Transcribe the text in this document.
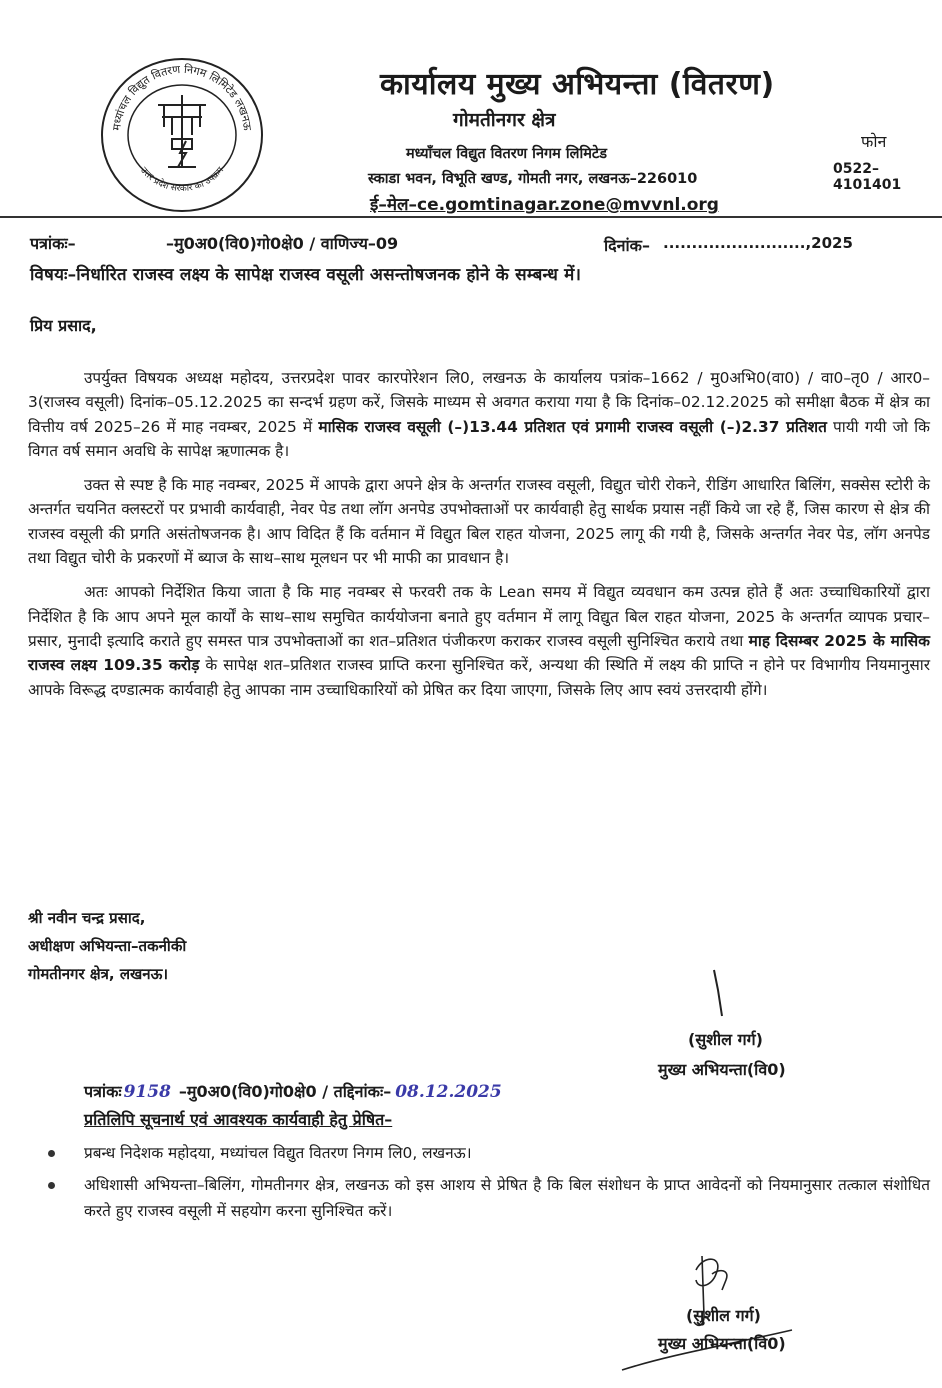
मध्यांचल विद्युत वितरण निगम लिमिटेड लखनऊ
उत्तर प्रदेश सरकार का उपक्रम
कार्यालय मुख्य अभियन्ता (वितरण)
गोमतीनगर क्षेत्र
मध्याँचल विद्युत वितरण निगम लिमिटेड
स्काडा भवन, विभूति खण्ड, गोमती नगर, लखनऊ–226010
ई–मेल–ce.gomtinagar.zone@mvvnl.org
फोन
0522–4101401
पत्रांकः–	–मु0अ0(वि0)गो0क्षे0 / वाणिज्य–09	दिनांक– .........................,2025
विषयः–निर्धारित राजस्व लक्ष्य के सापेक्ष राजस्व वसूली असन्तोषजनक होने के सम्बन्ध में।
प्रिय प्रसाद,

उपर्युक्त विषयक अध्यक्ष महोदय, उत्तरप्रदेश पावर कारपोरेशन लि0, लखनऊ के कार्यालय पत्रांक–1662 / मु0अभि0(वा0) / वा0–तृ0 / आर0–3(राजस्व वसूली) दिनांक–05.12.2025 का सन्दर्भ ग्रहण करें, जिसके माध्यम से अवगत कराया गया है कि दिनांक–02.12.2025 को समीक्षा बैठक में क्षेत्र का वित्तीय वर्ष 2025–26 में माह नवम्बर, 2025 में मासिक राजस्व वसूली (–)13.44 प्रतिशत एवं प्रगामी राजस्व वसूली (–)2.37 प्रतिशत पायी गयी जो कि विगत वर्ष समान अवधि के सापेक्ष ऋणात्मक है।

उक्त से स्पष्ट है कि माह नवम्बर, 2025 में आपके द्वारा अपने क्षेत्र के अन्तर्गत राजस्व वसूली, विद्युत चोरी रोकने, रीडिंग आधारित बिलिंग, सक्सेस स्टोरी के अन्तर्गत चयनित क्लस्टरों पर प्रभावी कार्यवाही, नेवर पेड तथा लॉग अनपेड उपभोक्ताओं पर कार्यवाही हेतु सार्थक प्रयास नहीं किये जा रहे हैं, जिस कारण से क्षेत्र की राजस्व वसूली की प्रगति असंतोषजनक है। आप विदित हैं कि वर्तमान में विद्युत बिल राहत योजना, 2025 लागू की गयी है, जिसके अन्तर्गत नेवर पेड, लॉग अनपेड तथा विद्युत चोरी के प्रकरणों में ब्याज के साथ–साथ मूलधन पर भी माफी का प्रावधान है।

अतः आपको निर्देशित किया जाता है कि माह नवम्बर से फरवरी तक के Lean समय में विद्युत व्यवधान कम उत्पन्न होते हैं अतः उच्चाधिकारियों द्वारा निर्देशित है कि आप अपने मूल कार्यों के साथ–साथ समुचित कार्ययोजना बनाते हुए वर्तमान में लागू विद्युत बिल राहत योजना, 2025 के अन्तर्गत व्यापक प्रचार–प्रसार, मुनादी इत्यादि कराते हुए समस्त पात्र उपभोक्ताओं का शत–प्रतिशत पंजीकरण कराकर राजस्व वसूली सुनिश्चित कराये तथा माह दिसम्बर 2025 के मासिक राजस्व लक्ष्य 109.35 करोड़ के सापेक्ष शत–प्रतिशत राजस्व प्राप्ति करना सुनिश्चित करें, अन्यथा की स्थिति में लक्ष्य की प्राप्ति न होने पर विभागीय नियमानुसार आपके विरूद्ध दण्डात्मक कार्यवाही हेतु आपका नाम उच्चाधिकारियों को प्रेषित कर दिया जाएगा, जिसके लिए आप स्वयं उत्तरदायी होंगे।

श्री नवीन चन्द्र प्रसाद,
अधीक्षण अभियन्ता–तकनीकी
गोमतीनगर क्षेत्र, लखनऊ।
(सुशील गर्ग)
मुख्य अभियन्ता(वि0)
पत्रांकः 9158 –मु0अ0(वि0)गो0क्षे0 / तद्दिनांकः– 08.12.2025
प्रतिलिपि सूचनार्थ एवं आवश्यक कार्यवाही हेतु प्रेषित–
प्रबन्ध निदेशक महोदया, मध्यांचल विद्युत वितरण निगम लि0, लखनऊ।
अधिशासी अभियन्ता–बिलिंग, गोमतीनगर क्षेत्र, लखनऊ को इस आशय से प्रेषित है कि बिल संशोधन के प्राप्त आवेदनों को नियमानुसार तत्काल संशोधित करते हुए राजस्व वसूली में सहयोग करना सुनिश्चित करें।
(सुशील गर्ग)
मुख्य अभियन्ता(वि0)
